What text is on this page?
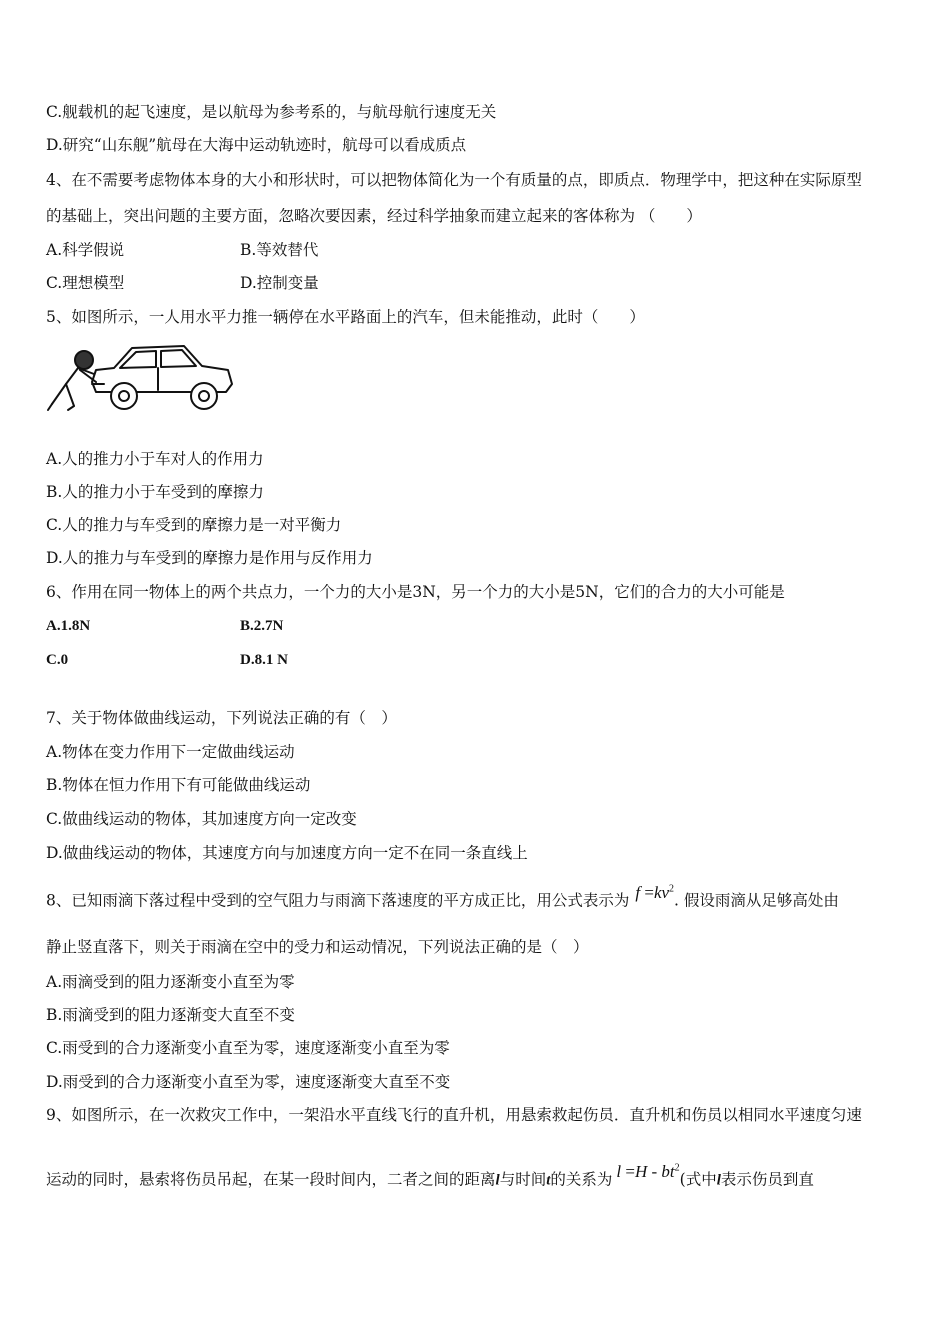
C.舰载机的起飞速度，是以航母为参考系的，与航母航行速度无关
D.研究“山东舰”航母在大海中运动轨迹时，航母可以看成质点
4、在不需要考虑物体本身的大小和形状时，可以把物体简化为一个有质量的点，即质点．物理学中，把这种在实际原型
的基础上，突出问题的主要方面，忽略次要因素，经过科学抽象而建立起来的客体称为 （　　）
A.科学假说	B.等效替代
C.理想模型	D.控制变量
5、如图所示，一人用水平力推一辆停在水平路面上的汽车，但未能推动，此时（　　）
A.人的推力小于车对人的作用力
B.人的推力小于车受到的摩擦力
C.人的推力与车受到的摩擦力是一对平衡力
D.人的推力与车受到的摩擦力是作用与反作用力
6、作用在同一物体上的两个共点力，一个力的大小是3N，另一个力的大小是5N，它们的合力的大小可能是
A.1.8N	B.2.7N
C.0	D.8.1 N
7、关于物体做曲线运动，下列说法正确的有（　）
A.物体在变力作用下一定做曲线运动
B.物体在恒力作用下有可能做曲线运动
C.做曲线运动的物体，其加速度方向一定改变
D.做曲线运动的物体，其速度方向与加速度方向一定不在同一条直线上
8、已知雨滴下落过程中受到的空气阻力与雨滴下落速度的平方成正比，用公式表示为 $f =kv^2$. 假设雨滴从足够高处由
静止竖直落下，则关于雨滴在空中的受力和运动情况，下列说法正确的是（　）
A.雨滴受到的阻力逐渐变小直至为零
B.雨滴受到的阻力逐渐变大直至不变
C.雨受到的合力逐渐变小直至为零，速度逐渐变小直至为零
D.雨受到的合力逐渐变小直至为零，速度逐渐变大直至不变
9、如图所示，在一次救灾工作中，一架沿水平直线飞行的直升机，用悬索救起伤员．直升机和伤员以相同水平速度匀速
运动的同时，悬索将伤员吊起，在某一段时间内，二者之间的距离l与时间t的关系为 $l =H - bt^2$(式中l表示伤员到直
